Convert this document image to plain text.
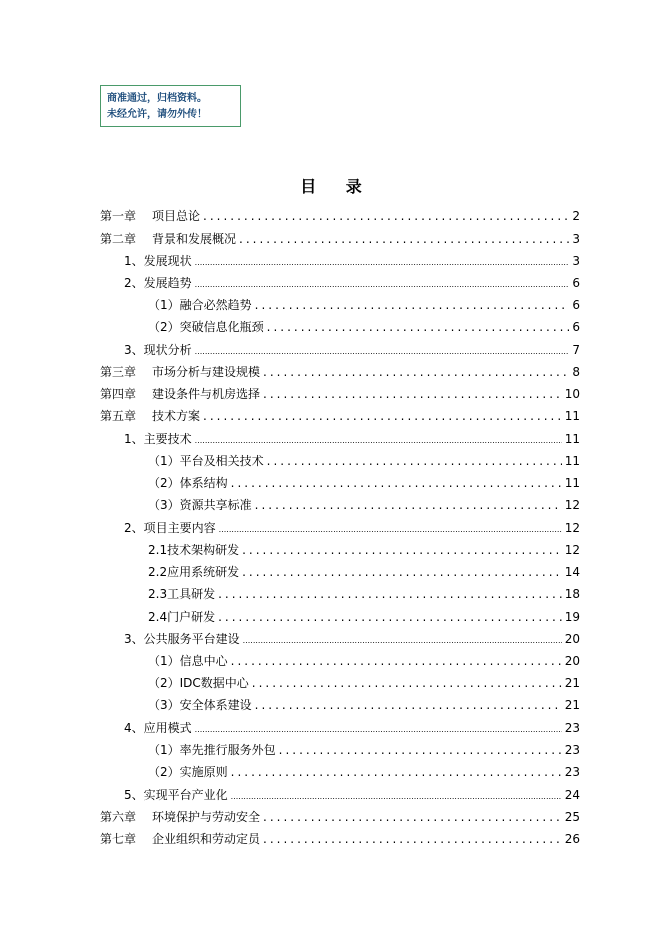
商准通过，归档资料。
未经允许，请勿外传！
目 录
第一章 项目总论 .....	2
第二章 背景和发展概况 .....	3
1、发展现状 .....	3
2、发展趋势 .....	6
（1）融合必然趋势 .....	6
（2）突破信息化瓶颈 .....	6
3、现状分析 .....	7
第三章 市场分析与建设规模 .....	8
第四章 建设条件与机房选择 .....	10
第五章 技术方案 .....	11
1、主要技术 .....	11
（1）平台及相关技术 .....	11
（2）体系结构 .....	11
（3）资源共享标准 .....	12
2、项目主要内容 .....	12
2.1技术架构研发 .....	12
2.2应用系统研发 .....	14
2.3工具研发 .....	18
2.4门户研发 .....	19
3、公共服务平台建设 .....	20
（1）信息中心 .....	20
（2）IDC数据中心 .....	21
（3）安全体系建设 .....	21
4、应用模式 .....	23
（1）率先推行服务外包 .....	23
（2）实施原则 .....	23
5、实现平台产业化 .....	24
第六章 环境保护与劳动安全 .....	25
第七章 企业组织和劳动定员 .....	26
